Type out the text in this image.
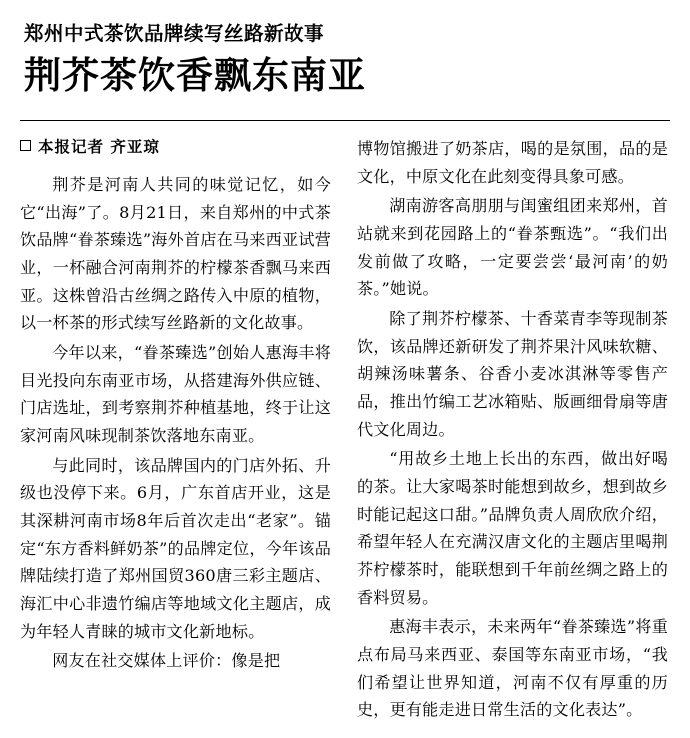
郑州中式茶饮品牌续写丝路新故事
荆芥茶饮香飘东南亚
本报记者 齐亚琼

荆芥是河南人共同的味觉记忆，如今它“出海”了。8月21日，来自郑州的中式茶饮品牌“眷茶臻选”海外首店在马来西亚试营业，一杯融合河南荆芥的柠檬茶香飘马来西亚。这株曾沿古丝绸之路传入中原的植物，以一杯茶的形式续写丝路新的文化故事。

今年以来，“眷茶臻选”创始人惠海丰将目光投向东南亚市场，从搭建海外供应链、门店选址，到考察荆芥种植基地，终于让这家河南风味现制茶饮落地东南亚。

与此同时，该品牌国内的门店外拓、升级也没停下来。6月，广东首店开业，这是其深耕河南市场8年后首次走出“老家”。锚定“东方香料鲜奶茶”的品牌定位，今年该品牌陆续打造了郑州国贸360唐三彩主题店、海汇中心非遗竹编店等地域文化主题店，成为年轻人青睐的城市文化新地标。

网友在社交媒体上评价：像是把

博物馆搬进了奶茶店，喝的是氛围，品的是文化，中原文化在此刻变得具象可感。

湖南游客高朋朋与闺蜜组团来郑州，首站就来到花园路上的“眷茶甄选”。“我们出发前做了攻略，一定要尝尝‘最河南’的奶茶。”她说。

除了荆芥柠檬茶、十香菜青李等现制茶饮，该品牌还新研发了荆芥果汁风味软糖、胡辣汤味薯条、谷香小麦冰淇淋等零售产品，推出竹编工艺冰箱贴、版画细骨扇等唐代文化周边。

“用故乡土地上长出的东西，做出好喝的茶。让大家喝茶时能想到故乡，想到故乡时能记起这口甜。”品牌负责人周欣欣介绍，希望年轻人在充满汉唐文化的主题店里喝荆芥柠檬茶时，能联想到千年前丝绸之路上的香料贸易。

惠海丰表示，未来两年“眷茶臻选”将重点布局马来西亚、泰国等东南亚市场，“我们希望让世界知道，河南不仅有厚重的历史，更有能走进日常生活的文化表达”。
